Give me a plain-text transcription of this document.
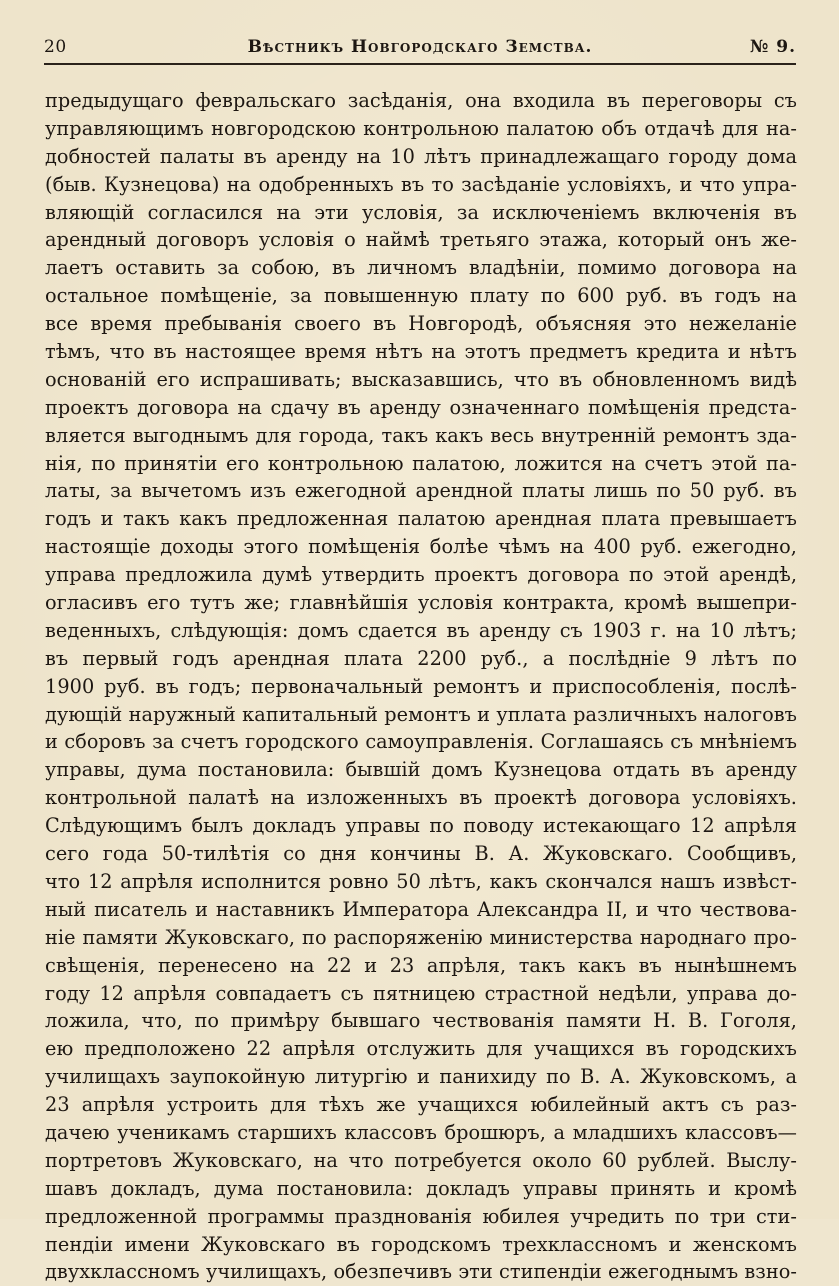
20	Вѣстникъ Новгородскаго Земства.	№ 9.
предыдущаго февральскаго засѣданія, она входила въ переговоры съ
управляющимъ новгородскою контрольною палатою объ отдачѣ для на-
добностей палаты въ аренду на 10 лѣтъ принадлежащаго городу дома
(быв. Кузнецова) на одобренныхъ въ то засѣданіе условіяхъ, и что упра-
вляющій согласился на эти условія, за исключеніемъ включенія въ
арендный договоръ условія о наймѣ третьяго этажа, который онъ же-
лаетъ оставить за собою, въ личномъ владѣніи, помимо договора на
остальное помѣщеніе, за повышенную плату по 600 руб. въ годъ на
все время пребыванія своего въ Новгородѣ, объясняя это нежеланіе
тѣмъ, что въ настоящее время нѣтъ на этотъ предметъ кредита и нѣтъ
основаній его испрашивать; высказавшись, что въ обновленномъ видѣ
проектъ договора на сдачу въ аренду означеннаго помѣщенія предста-
вляется выгоднымъ для города, такъ какъ весь внутренній ремонтъ зда-
нія, по принятіи его контрольною палатою, ложится на счетъ этой па-
латы, за вычетомъ изъ ежегодной арендной платы лишь по 50 руб. въ
годъ и такъ какъ предложенная палатою арендная плата превышаетъ
настоящіе доходы этого помѣщенія болѣе чѣмъ на 400 руб. ежегодно,
управа предложила думѣ утвердить проектъ договора по этой арендѣ,
огласивъ его тутъ же; главнѣйшія условія контракта, кромѣ вышепри-
веденныхъ, слѣдующія: домъ сдается въ аренду съ 1903 г. на 10 лѣтъ;
въ первый годъ арендная плата 2200 руб., а послѣдніе 9 лѣтъ по
1900 руб. въ годъ; первоначальный ремонтъ и приспособленія, послѣ-
дующій наружный капитальный ремонтъ и уплата различныхъ налоговъ
и сборовъ за счетъ городского самоуправленія. Соглашаясь съ мнѣніемъ
управы, дума постановила: бывшій домъ Кузнецова отдать въ аренду
контрольной палатѣ на изложенныхъ въ проектѣ договора условіяхъ.
Слѣдующимъ былъ докладъ управы по поводу истекающаго 12 апрѣля
сего года 50-тилѣтія со дня кончины В. А. Жуковскаго. Сообщивъ,
что 12 апрѣля исполнится ровно 50 лѣтъ, какъ скончался нашъ извѣст-
ный писатель и наставникъ Императора Александра II, и что чествова-
ніе памяти Жуковскаго, по распоряженію министерства народнаго про-
свѣщенія, перенесено на 22 и 23 апрѣля, такъ какъ въ нынѣшнемъ
году 12 апрѣля совпадаетъ съ пятницею страстной недѣли, управа до-
ложила, что, по примѣру бывшаго чествованія памяти Н. В. Гоголя,
ею предположено 22 апрѣля отслужить для учащихся въ городскихъ
училищахъ заупокойную литургію и панихиду по В. А. Жуковскомъ, а
23 апрѣля устроить для тѣхъ же учащихся юбилейный актъ съ раз-
дачею ученикамъ старшихъ классовъ брошюръ, а младшихъ классовъ—
портретовъ Жуковскаго, на что потребуется около 60 рублей. Выслу-
шавъ докладъ, дума постановила: докладъ управы принять и кромѣ
предложенной программы празднованія юбилея учредить по три сти-
пендіи имени Жуковскаго въ городскомъ трехклассномъ и женскомъ
двухклассномъ училищахъ, обезпечивъ эти стипендіи ежегоднымъ взно-
